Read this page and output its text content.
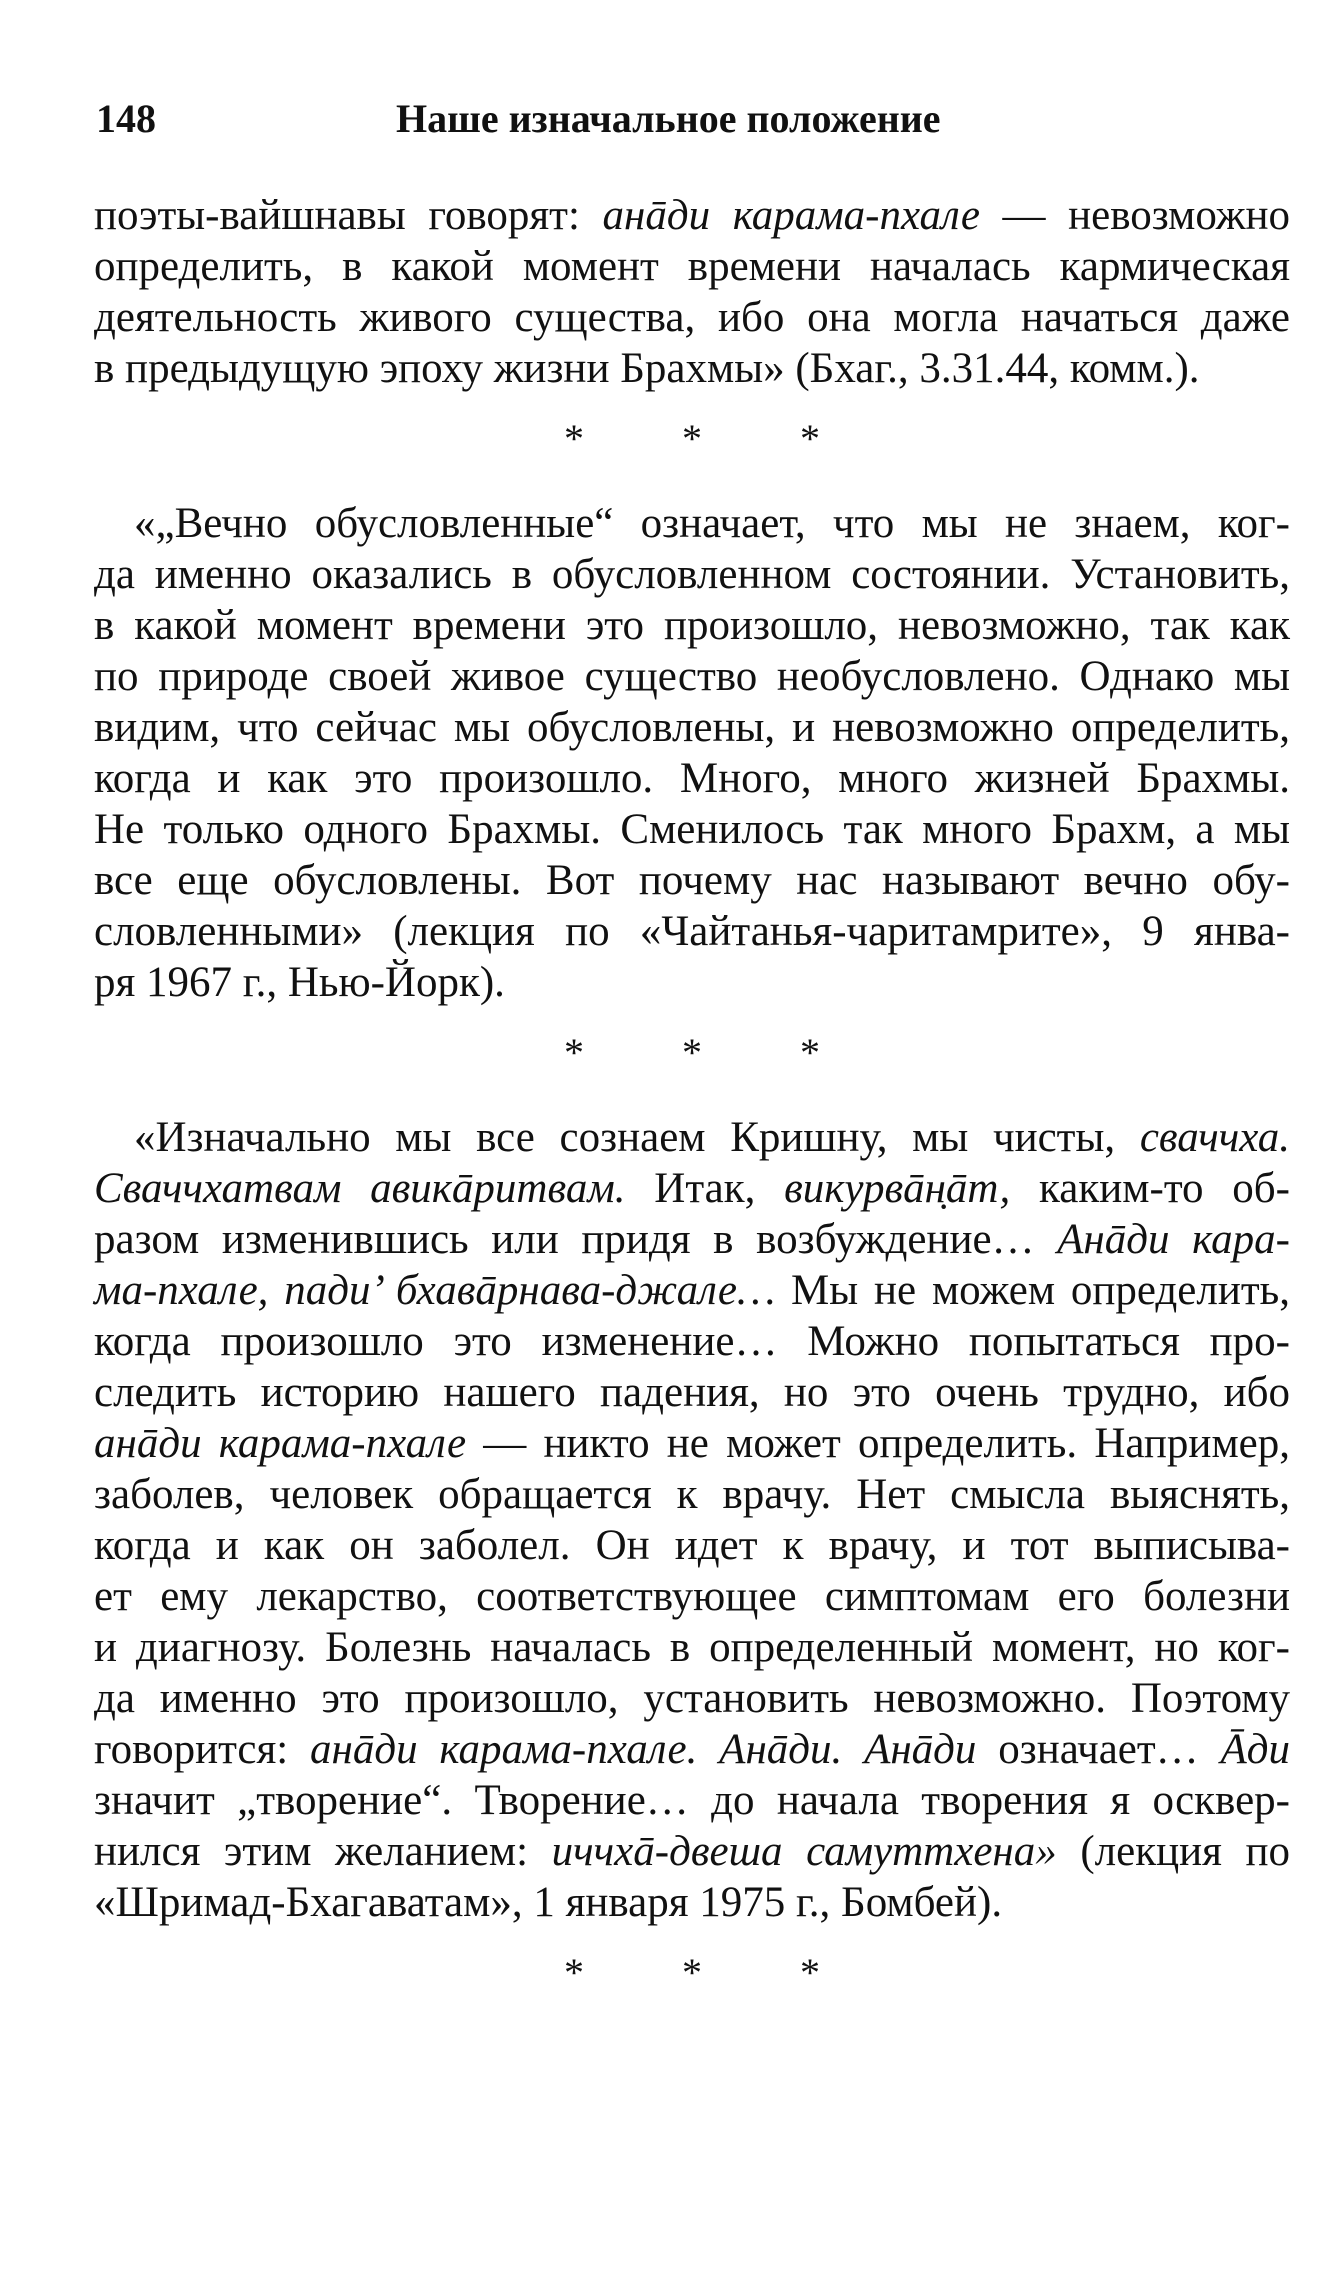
148	Наше изначальное положение
поэты-вайшнавы говорят: анāди карама-пхале — невозможно
определить, в какой момент времени началась кармическая
деятельность живого существа, ибо она могла начаться даже
в предыдущую эпоху жизни Брахмы» (Бхаг., 3.31.44, комм.).
* * *
«„Вечно обусловленные“ означает, что мы не знаем, ког-
да именно оказались в обусловленном состоянии. Установить,
в какой момент времени это произошло, невозможно, так как
по природе своей живое существо необусловлено. Однако мы
видим, что сейчас мы обусловлены, и невозможно определить,
когда и как это произошло. Много, много жизней Брахмы.
Не только одного Брахмы. Сменилось так много Брахм, а мы
все еще обусловлены. Вот почему нас называют вечно обу-
словленными» (лекция по «Чайтанья-чаритамрите», 9 янва-
ря 1967 г., Нью-Йорк).
* * *
«Изначально мы все сознаем Кришну, мы чисты, сваччха.
Сваччхатвам авикāритвам. Итак, викурвāн̣āт, каким-то об-
разом изменившись или придя в возбуждение… Анāди кара-
ма-пхале, пади’ бхавāрнава-джале… Мы не можем определить,
когда произошло это изменение… Можно попытаться про-
следить историю нашего падения, но это очень трудно, ибо
анāди карама-пхале — никто не может определить. Например,
заболев, человек обращается к врачу. Нет смысла выяснять,
когда и как он заболел. Он идет к врачу, и тот выписыва-
ет ему лекарство, соответствующее симптомам его болезни
и диагнозу. Болезнь началась в определенный момент, но ког-
да именно это произошло, установить невозможно. Поэтому
говорится: анāди карама-пхале. Анāди. Анāди означает… Āди
значит „творение“. Творение… до начала творения я осквер-
нился этим желанием: иччхā-двеша самуттхена» (лекция по
«Шримад-Бхагаватам», 1 января 1975 г., Бомбей).
* * *
